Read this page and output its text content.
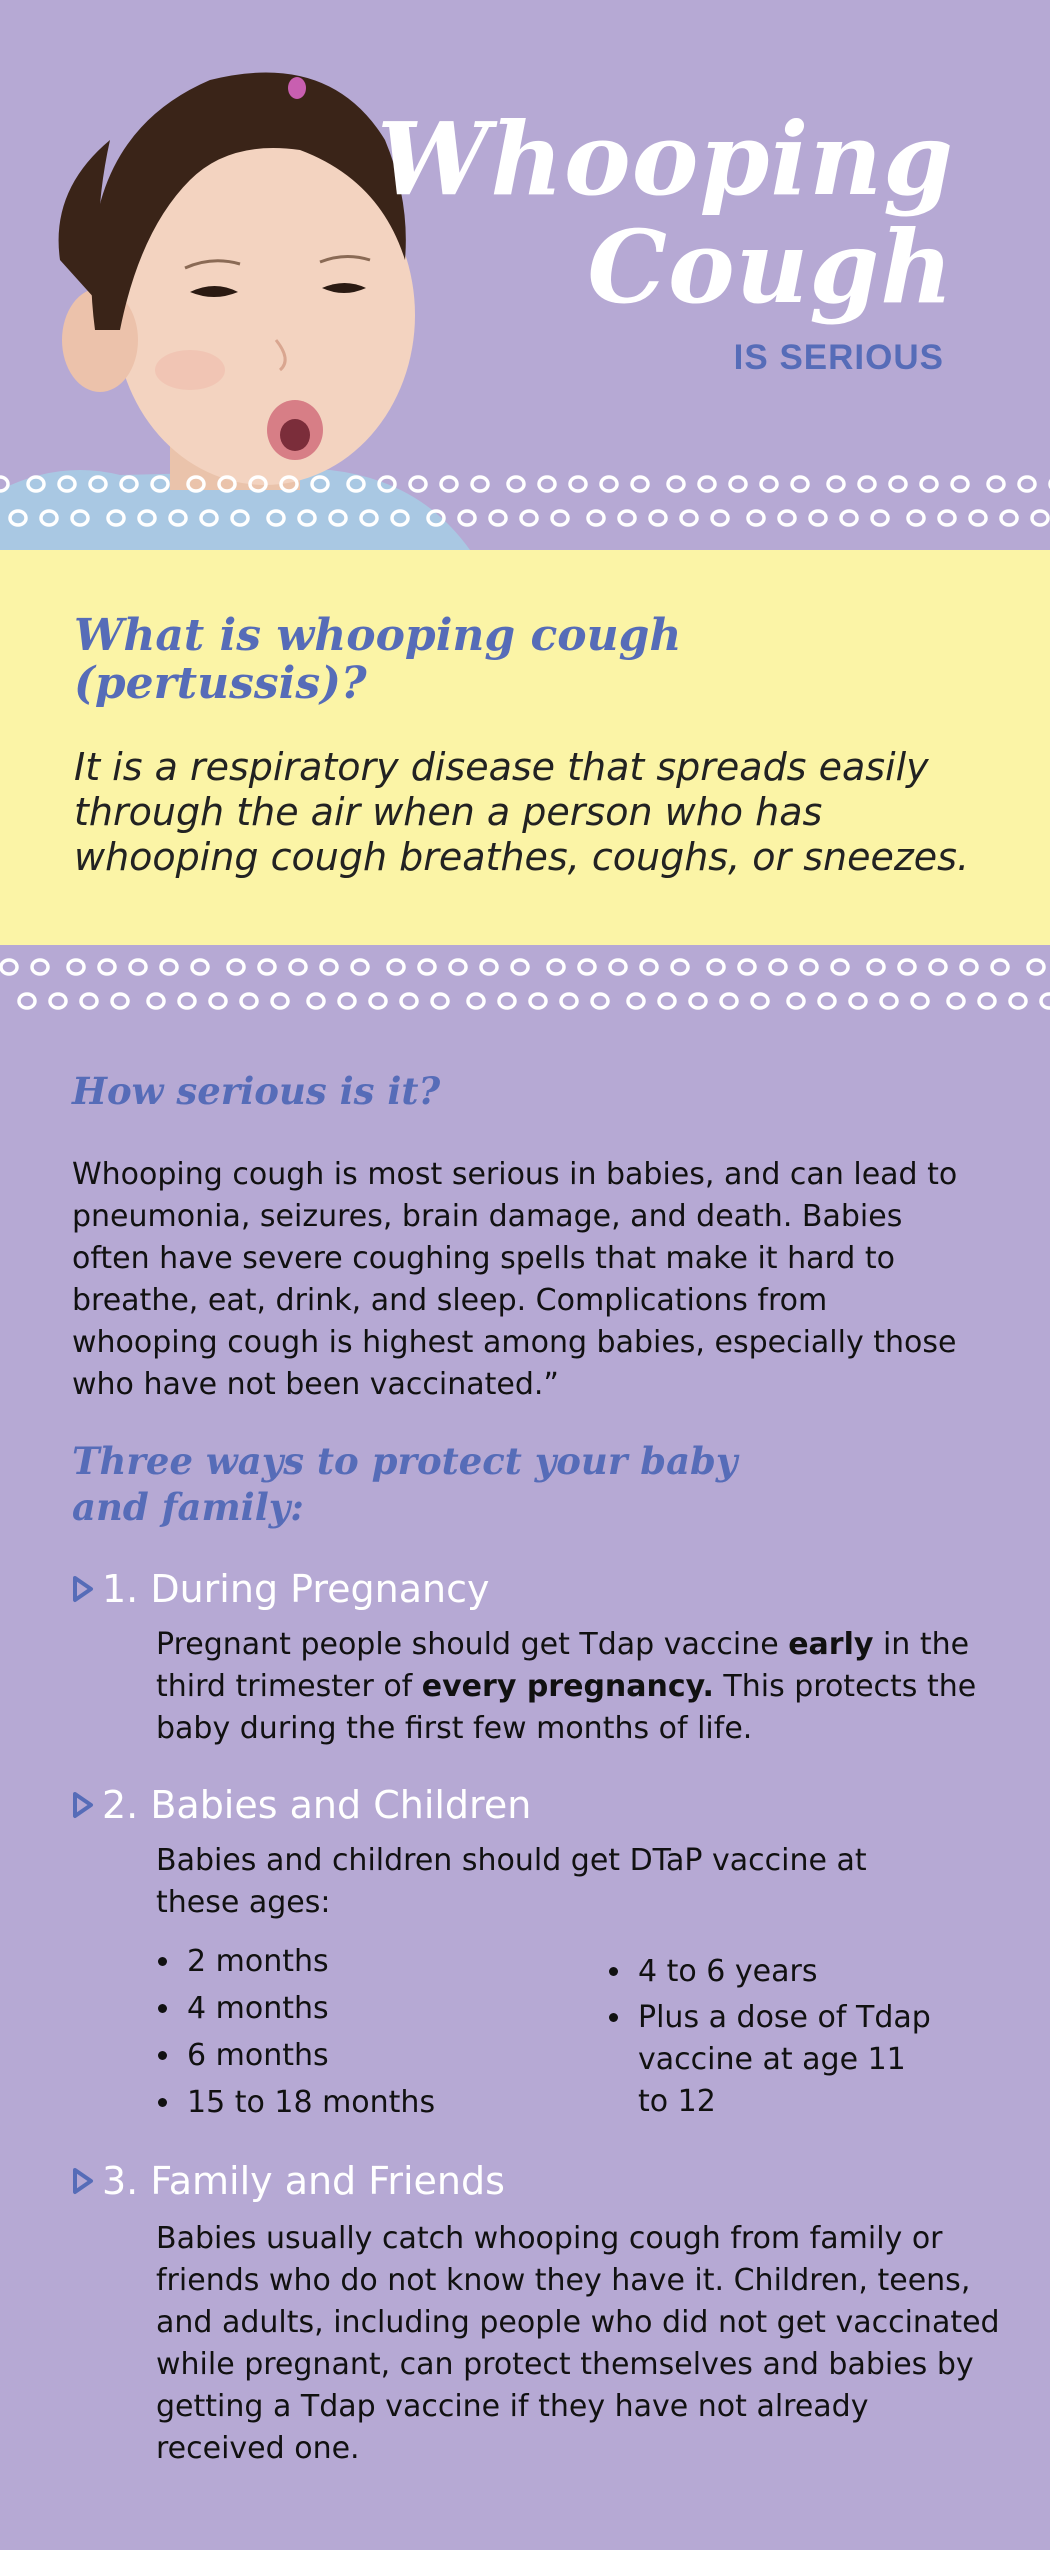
Whooping
Cough
IS SERIOUS
What is whooping cough
(pertussis)?
It is a respiratory disease that spreads easily
through the air when a person who has
whooping cough breathes, coughs, or sneezes.
How serious is it?
Whooping cough is most serious in babies, and can lead to pneumonia, seizures, brain damage, and death. Babies often have severe coughing spells that make it hard to breathe, eat, drink, and sleep. Complications from whooping cough is highest among babies, especially those who have not been vaccinated.”
Three ways to protect your baby
and family:
1. During Pregnancy
Pregnant people should get Tdap vaccine early in the third trimester of every pregnancy. This protects the baby during the first few months of life.
2. Babies and Children
Babies and children should get DTaP vaccine at these ages:
• 2 months
• 4 months
• 6 months
• 15 to 18 months
• 4 to 6 years
• Plus a dose of Tdap vaccine at age 11 to 12
3. Family and Friends
Babies usually catch whooping cough from family or friends who do not know they have it. Children, teens, and adults, including people who did not get vaccinated while pregnant, can protect themselves and babies by getting a Tdap vaccine if they have not already received one.
